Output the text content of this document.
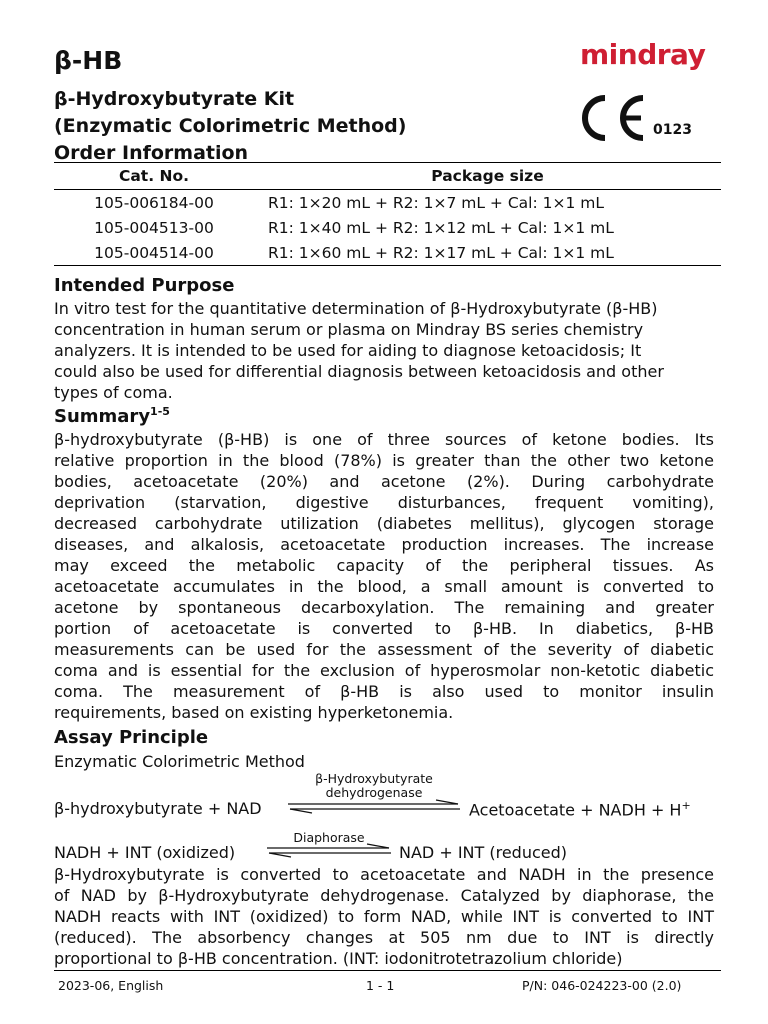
β-HB
β-Hydroxybutyrate Kit
(Enzymatic Colorimetric Method)
Order Information
mindray
0123
Cat. No.	Package size
105-006184-00	R1: 1×20 mL + R2: 1×7 mL + Cal: 1×1 mL
105-004513-00	R1: 1×40 mL + R2: 1×12 mL + Cal: 1×1 mL
105-004514-00	R1: 1×60 mL + R2: 1×17 mL + Cal: 1×1 mL
Intended Purpose
In vitro test for the quantitative determination of β-Hydroxybutyrate (β-HB)
concentration in human serum or plasma on Mindray BS series chemistry
analyzers. It is intended to be used for aiding to diagnose ketoacidosis; It
could also be used for differential diagnosis between ketoacidosis and other
types of coma.
Summary$^{1-5}$
β-hydroxybutyrate (β-HB) is one of three sources of ketone bodies. Its
relative proportion in the blood (78%) is greater than the other two ketone
bodies, acetoacetate (20%) and acetone (2%). During carbohydrate
deprivation (starvation, digestive disturbances, frequent vomiting),
decreased carbohydrate utilization (diabetes mellitus), glycogen storage
diseases, and alkalosis, acetoacetate production increases. The increase
may exceed the metabolic capacity of the peripheral tissues. As
acetoacetate accumulates in the blood, a small amount is converted to
acetone by spontaneous decarboxylation. The remaining and greater
portion of acetoacetate is converted to β-HB. In diabetics, β-HB
measurements can be used for the assessment of the severity of diabetic
coma and is essential for the exclusion of hyperosmolar non-ketotic diabetic
coma. The measurement of β-HB is also used to monitor insulin
requirements, based on existing hyperketonemia.
Assay Principle
Enzymatic Colorimetric Method
β-Hydroxybutyrate
dehydrogenase
β-hydroxybutyrate + NAD	Acetoacetate + NADH + H+
Diaphorase
NADH + INT (oxidized)	NAD + INT (reduced)
β-Hydroxybutyrate is converted to acetoacetate and NADH in the presence
of NAD by β-Hydroxybutyrate dehydrogenase. Catalyzed by diaphorase, the
NADH reacts with INT (oxidized) to form NAD, while INT is converted to INT
(reduced). The absorbency changes at 505 nm due to INT is directly
proportional to β-HB concentration. (INT: iodonitrotetrazolium chloride)
2023-06, English	1 - 1	P/N: 046-024223-00 (2.0)
